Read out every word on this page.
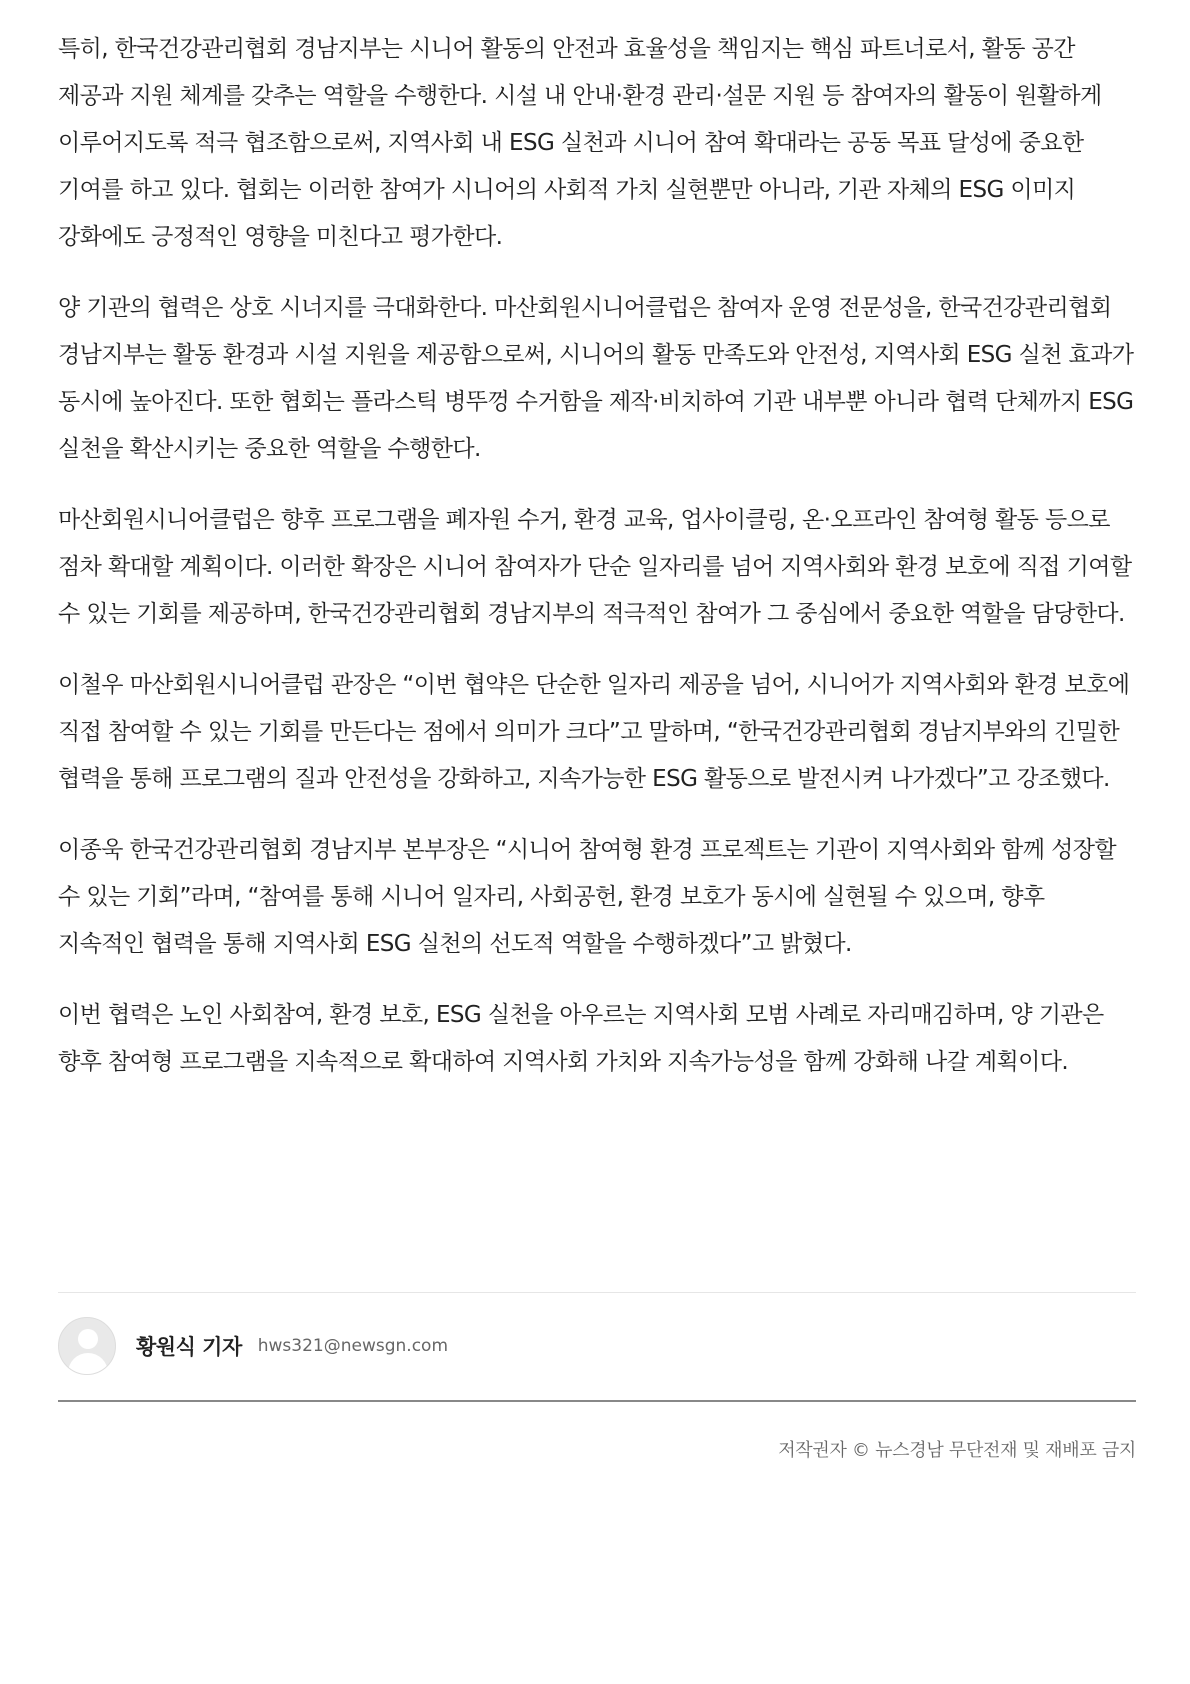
특히, 한국건강관리협회 경남지부는 시니어 활동의 안전과 효율성을 책임지는 핵심 파트너로서, 활동 공간 제공과 지원 체계를 갖추는 역할을 수행한다. 시설 내 안내·환경 관리·설문 지원 등 참여자의 활동이 원활하게 이루어지도록 적극 협조함으로써, 지역사회 내 ESG 실천과 시니어 참여 확대라는 공동 목표 달성에 중요한 기여를 하고 있다. 협회는 이러한 참여가 시니어의 사회적 가치 실현뿐만 아니라, 기관 자체의 ESG 이미지 강화에도 긍정적인 영향을 미친다고 평가한다.

양 기관의 협력은 상호 시너지를 극대화한다. 마산회원시니어클럽은 참여자 운영 전문성을, 한국건강관리협회 경남지부는 활동 환경과 시설 지원을 제공함으로써, 시니어의 활동 만족도와 안전성, 지역사회 ESG 실천 효과가 동시에 높아진다. 또한 협회는 플라스틱 병뚜껑 수거함을 제작·비치하여 기관 내부뿐 아니라 협력 단체까지 ESG 실천을 확산시키는 중요한 역할을 수행한다.

마산회원시니어클럽은 향후 프로그램을 폐자원 수거, 환경 교육, 업사이클링, 온·오프라인 참여형 활동 등으로 점차 확대할 계획이다. 이러한 확장은 시니어 참여자가 단순 일자리를 넘어 지역사회와 환경 보호에 직접 기여할 수 있는 기회를 제공하며, 한국건강관리협회 경남지부의 적극적인 참여가 그 중심에서 중요한 역할을 담당한다.

이철우 마산회원시니어클럽 관장은 “이번 협약은 단순한 일자리 제공을 넘어, 시니어가 지역사회와 환경 보호에 직접 참여할 수 있는 기회를 만든다는 점에서 의미가 크다”고 말하며, “한국건강관리협회 경남지부와의 긴밀한 협력을 통해 프로그램의 질과 안전성을 강화하고, 지속가능한 ESG 활동으로 발전시켜 나가겠다”고 강조했다.

이종욱 한국건강관리협회 경남지부 본부장은 “시니어 참여형 환경 프로젝트는 기관이 지역사회와 함께 성장할 수 있는 기회”라며, “참여를 통해 시니어 일자리, 사회공헌, 환경 보호가 동시에 실현될 수 있으며, 향후 지속적인 협력을 통해 지역사회 ESG 실천의 선도적 역할을 수행하겠다”고 밝혔다.

이번 협력은 노인 사회참여, 환경 보호, ESG 실천을 아우르는 지역사회 모범 사례로 자리매김하며, 양 기관은 향후 참여형 프로그램을 지속적으로 확대하여 지역사회 가치와 지속가능성을 함께 강화해 나갈 계획이다.

황원식 기자 hws321@newsgn.com
저작권자 © 뉴스경남 무단전재 및 재배포 금지
